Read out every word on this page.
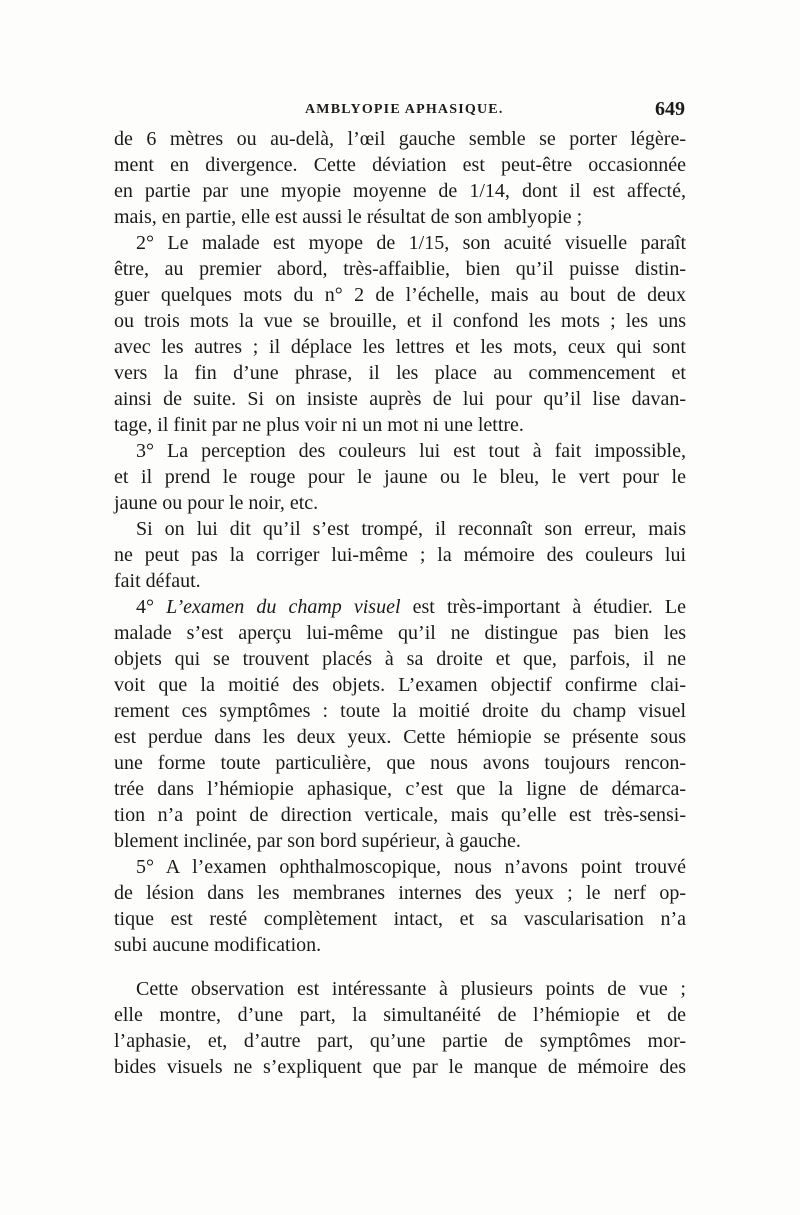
AMBLYOPIE APHASIQUE.	649
de 6 mètres ou au-delà, l’œil gauche semble se porter légère-
ment en divergence. Cette déviation est peut-être occasionnée
en partie par une myopie moyenne de 1/14, dont il est affecté,
mais, en partie, elle est aussi le résultat de son amblyopie ;
2° Le malade est myope de 1/15, son acuité visuelle paraît
être, au premier abord, très-affaiblie, bien qu’il puisse distin-
guer quelques mots du n° 2 de l’échelle, mais au bout de deux
ou trois mots la vue se brouille, et il confond les mots ; les uns
avec les autres ; il déplace les lettres et les mots, ceux qui sont
vers la fin d’une phrase, il les place au commencement et
ainsi de suite. Si on insiste auprès de lui pour qu’il lise davan-
tage, il finit par ne plus voir ni un mot ni une lettre.
3° La perception des couleurs lui est tout à fait impossible,
et il prend le rouge pour le jaune ou le bleu, le vert pour le
jaune ou pour le noir, etc.
Si on lui dit qu’il s’est trompé, il reconnaît son erreur, mais
ne peut pas la corriger lui-même ; la mémoire des couleurs lui
fait défaut.
4° L’examen du champ visuel est très-important à étudier. Le
malade s’est aperçu lui-même qu’il ne distingue pas bien les
objets qui se trouvent placés à sa droite et que, parfois, il ne
voit que la moitié des objets. L’examen objectif confirme clai-
rement ces symptômes : toute la moitié droite du champ visuel
est perdue dans les deux yeux. Cette hémiopie se présente sous
une forme toute particulière, que nous avons toujours rencon-
trée dans l’hémiopie aphasique, c’est que la ligne de démarca-
tion n’a point de direction verticale, mais qu’elle est très-sensi-
blement inclinée, par son bord supérieur, à gauche.
5° A l’examen ophthalmoscopique, nous n’avons point trouvé
de lésion dans les membranes internes des yeux ; le nerf op-
tique est resté complètement intact, et sa vascularisation n’a
subi aucune modification.
Cette observation est intéressante à plusieurs points de vue ;
elle montre, d’une part, la simultanéité de l’hémiopie et de
l’aphasie, et, d’autre part, qu’une partie de symptômes mor-
bides visuels ne s’expliquent que par le manque de mémoire des
